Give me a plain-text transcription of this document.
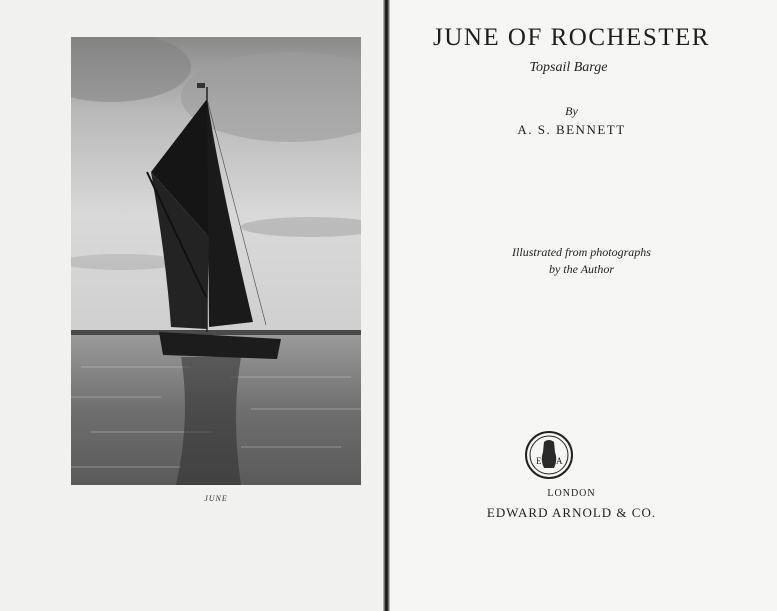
JUNE
JUNE OF ROCHESTER
Topsail Barge
By
A. S. BENNETT
Illustrated from photographs
by the Author
E A
LONDON
EDWARD ARNOLD & CO.
